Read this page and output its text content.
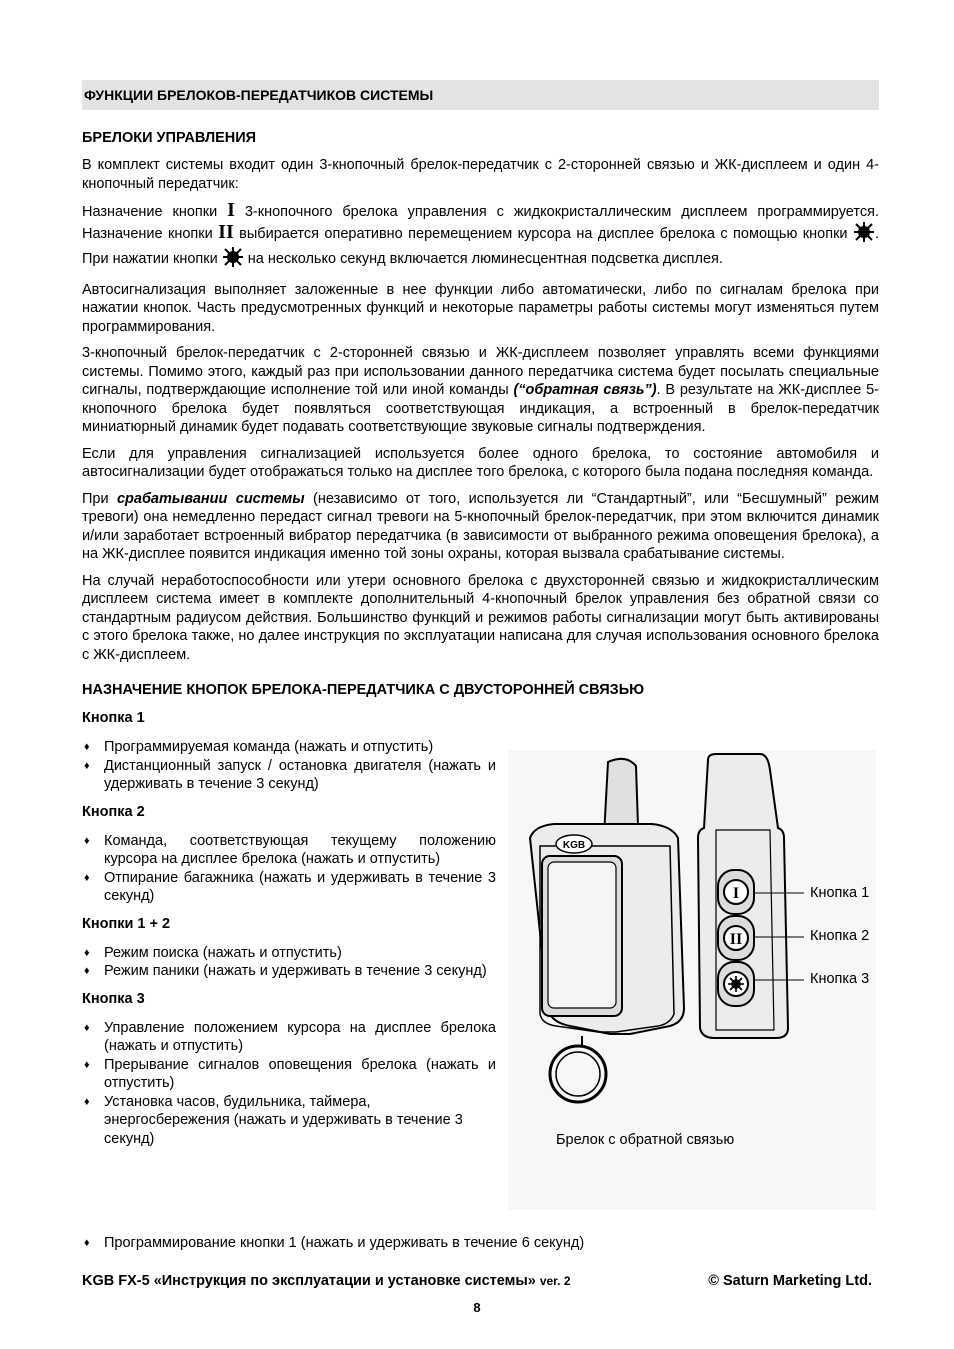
ФУНКЦИИ БРЕЛОКОВ-ПЕРЕДАТЧИКОВ СИСТЕМЫ
БРЕЛОКИ УПРАВЛЕНИЯ

В комплект системы входит один 3-кнопочный брелок-передатчик с 2-сторонней связью и ЖК-дисплеем и один 4-кнопочный передатчик:

Назначение кнопки I 3-кнопочного брелока управления с жидкокристаллическим дисплеем программируется. Назначение кнопки II выбирается оперативно перемещением курсора на дисплее брелока с помощью кнопки . При нажатии кнопки  на несколько секунд включается люминесцентная подсветка дисплея.

Автосигнализация выполняет заложенные в нее функции либо автоматически, либо по сигналам брелока при нажатии кнопок. Часть предусмотренных функций и некоторые параметры работы системы могут изменяться путем программирования.

3-кнопочный брелок-передатчик с 2-сторонней связью и ЖК-дисплеем позволяет управлять всеми функциями системы. Помимо этого, каждый раз при использовании данного передатчика система будет посылать специальные сигналы, подтверждающие исполнение той или иной команды (“обратная связь”). В результате на ЖК-дисплее 5-кнопочного брелока будет появляться соответствующая индикация, а встроенный в брелок-передатчик миниатюрный динамик будет подавать соответствующие звуковые сигналы подтверждения.

Если для управления сигнализацией используется более одного брелока, то состояние автомобиля и автосигнализации будет отображаться только на дисплее того брелока, с которого была подана последняя команда.

При срабатывании системы (независимо от того, используется ли “Стандартный”, или “Бесшумный” режим тревоги) она немедленно передаст сигнал тревоги на 5-кнопочный брелок-передатчик, при этом включится динамик и/или заработает встроенный вибратор передатчика (в зависимости от выбранного режима оповещения брелока), а на ЖК-дисплее появится индикация именно той зоны охраны, которая вызвала срабатывание системы.

На случай неработоспособности или утери основного брелока с двухсторонней связью и жидкокристаллическим дисплеем система имеет в комплекте дополнительный 4-кнопочный брелок управления без обратной связи со стандартным радиусом действия. Большинство функций и режимов работы сигнализации могут быть активированы с этого брелока также, но далее инструкция по эксплуатации написана для случая использования основного брелока с ЖК-дисплеем.

НАЗНАЧЕНИЕ КНОПОК БРЕЛОКА-ПЕРЕДАТЧИКА С ДВУСТОРОННЕЙ СВЯЗЬЮ
Кнопка 1
♦ Программируемая команда (нажать и отпустить)
♦ Дистанционный запуск / остановка двигателя (нажать и удерживать в течение 3 секунд)
Кнопка 2
♦ Команда, соответствующая текущему положению курсора на дисплее брелока (нажать и отпустить)
♦ Отпирание багажника (нажать и удерживать в течение 3 секунд)
Кнопки 1 + 2
♦ Режим поиска (нажать и отпустить)
♦ Режим паники (нажать и удерживать в течение 3 секунд)
Кнопка 3
♦ Управление положением курсора на дисплее брелока (нажать и отпустить)
♦ Прерывание сигналов оповещения брелока (нажать и отпустить)
♦ Установка часов, будильника, таймера, энергосбережения (нажать и удерживать в течение 3 секунд)
KGB
I
II
Кнопка 1
Кнопка 2
Кнопка 3
Брелок с обратной связью
♦ Программирование кнопки 1 (нажать и удерживать в течение 6 секунд)
KGB FX-5 «Инструкция по эксплуатации и установке системы» ver. 2	© Saturn Marketing Ltd.
8
